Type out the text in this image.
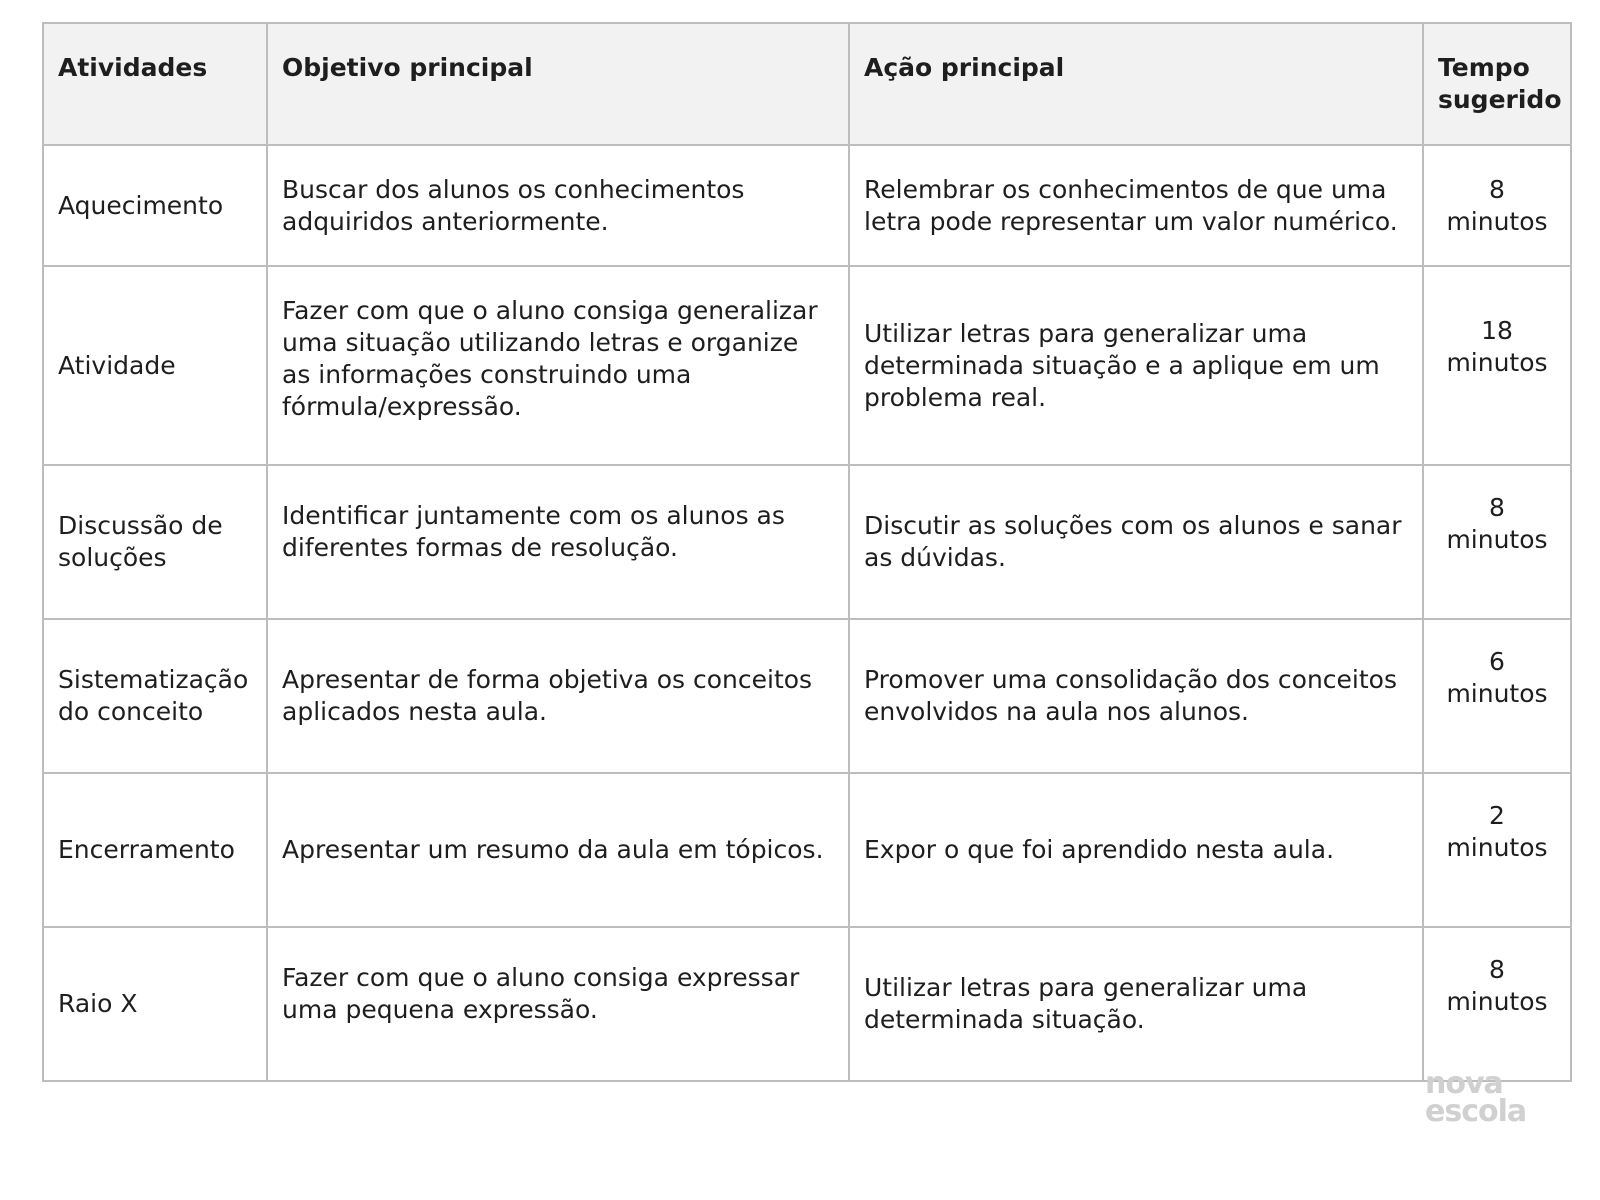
Atividades	Objetivo principal	Ação principal	Tempo sugerido
Aquecimento	Buscar dos alunos os conhecimentos adquiridos anteriormente.	Relembrar os conhecimentos de que uma letra pode representar um valor numérico.	8
minutos

Atividade	Fazer com que o aluno consiga generalizar uma situação utilizando letras e organize as informações construindo uma fórmula/expressão.	Utilizar letras para generalizar uma determinada situação e a aplique em um problema real.	18
minutos

Discussão de soluções	Identificar juntamente com os alunos as diferentes formas de resolução.	Discutir as soluções com os alunos e sanar as dúvidas.	8
minutos

Sistematização do conceito	Apresentar de forma objetiva os conceitos aplicados nesta aula.	Promover uma consolidação dos conceitos envolvidos na aula nos alunos.	6
minutos

Encerramento	Apresentar um resumo da aula em tópicos.	Expor o que foi aprendido nesta aula.	2
minutos

Raio X	Fazer com que o aluno consiga expressar uma pequena expressão.	Utilizar letras para generalizar uma determinada situação.	8
minutos
nova
escola
